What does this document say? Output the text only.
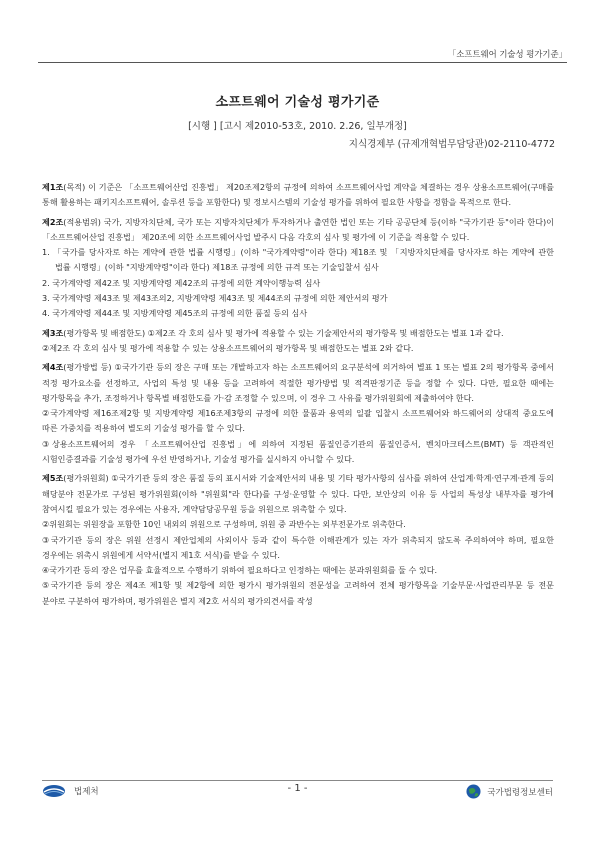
「소프트웨어 기술성 평가기준」
소프트웨어 기술성 평가기준
[시행 ] [고시 제2010-53호, 2010. 2.26, 일부개정]
지식경제부 (규제개혁법무담당관)02-2110-4772

제1조(목적) 이 기준은 「소프트웨어산업 진흥법」 제20조제2항의 규정에 의하여 소프트웨어사업 계약을 체결하는 경우 상용소프트웨어(구매를 통해 활용하는 패키지소프트웨어, 솔루션 등을 포함한다) 및 정보시스템의 기술성 평가를 위하여 필요한 사항을 정함을 목적으로 한다.

제2조(적용범위) 국가, 지방자치단체, 국가 또는 지방자치단체가 투자하거나 출연한 법인 또는 기타 공공단체 등(이하 "국가기관 등"이라 한다)이 「소프트웨어산업 진흥법」 제20조에 의한 소프트웨어사업 발주시 다음 각호의 심사 및 평가에 이 기준을 적용할 수 있다.

1. 「국가를 당사자로 하는 계약에 관한 법률 시행령」(이하 "국가계약령"이라 한다) 제18조 및 「지방자치단체를 당사자로 하는 계약에 관한 법률 시행령」(이하 "지방계약령"이라 한다) 제18조 규정에 의한 규격 또는 기술입찰서 심사

2. 국가계약령 제42조 및 지방계약령 제42조의 규정에 의한 계약이행능력 심사

3. 국가계약령 제43조 및 제43조의2, 지방계약령 제43조 및 제44조의 규정에 의한 제안서의 평가

4. 국가계약령 제44조 및 지방계약령 제45조의 규정에 의한 품질 등의 심사

제3조(평가항목 및 배점한도) ①제2조 각 호의 심사 및 평가에 적용할 수 있는 기술제안서의 평가항목 및 배점한도는 별표 1과 같다.

②제2조 각 호의 심사 및 평가에 적용할 수 있는 상용소프트웨어의 평가항목 및 배점한도는 별표 2와 같다.

제4조(평가방법 등) ①국가기관 등의 장은 구매 또는 개발하고자 하는 소프트웨어의 요구분석에 의거하여 별표 1 또는 별표 2의 평가항목 중에서 적정 평가요소를 선정하고, 사업의 특성 및 내용 등을 고려하여 적절한 평가방법 및 적격판정기준 등을 정할 수 있다. 다만, 필요한 때에는 평가항목을 추가, 조정하거나 항목별 배점한도를 가·감 조정할 수 있으며, 이 경우 그 사유를 평가위원회에 제출하여야 한다.

②국가계약령 제16조제2항 및 지방계약령 제16조제3항의 규정에 의한 물품과 용역의 일괄 입찰시 소프트웨어와 하드웨어의 상대적 중요도에 따른 가중치를 적용하여 별도의 기술성 평가를 할 수 있다.

③상용소프트웨어의 경우 「소프트웨어산업 진흥법」에 의하여 지정된 품질인증기관의 품질인증서, 벤치마크테스트(BMT) 등 객관적인 시험인증결과를 기술성 평가에 우선 반영하거나, 기술성 평가를 실시하지 아니할 수 있다.

제5조(평가위원회) ①국가기관 등의 장은 품질 등의 표시서와 기술제안서의 내용 및 기타 평가사항의 심사를 위하여 산업계·학계·연구계·관계 등의 해당분야 전문가로 구성된 평가위원회(이하 "위원회"라 한다)를 구성·운영할 수 있다. 다만, 보안상의 이유 등 사업의 특성상 내부자를 평가에 참여시킬 필요가 있는 경우에는 사용자, 계약담당공무원 등을 위원으로 위촉할 수 있다.

②위원회는 위원장을 포함한 10인 내외의 위원으로 구성하며, 위원 중 과반수는 외부전문가로 위촉한다.

③국가기관 등의 장은 위원 선정시 제안업체의 사외이사 등과 같이 특수한 이해관계가 있는 자가 위촉되지 않도록 주의하여야 하며, 필요한 경우에는 위촉시 위원에게 서약서(별지 제1호 서식)를 받을 수 있다.

④국가기관 등의 장은 업무를 효율적으로 수행하기 위하여 필요하다고 인정하는 때에는 분과위원회를 둘 수 있다.

⑤국가기관 등의 장은 제4조 제1항 및 제2항에 의한 평가시 평가위원의 전문성을 고려하여 전체 평가항목을 기술부문·사업관리부문 등 전문 분야로 구분하여 평가하며, 평가위원은 별지 제2호 서식의 평가의견서를 작성

법제처	- 1 -	국가법령정보센터
